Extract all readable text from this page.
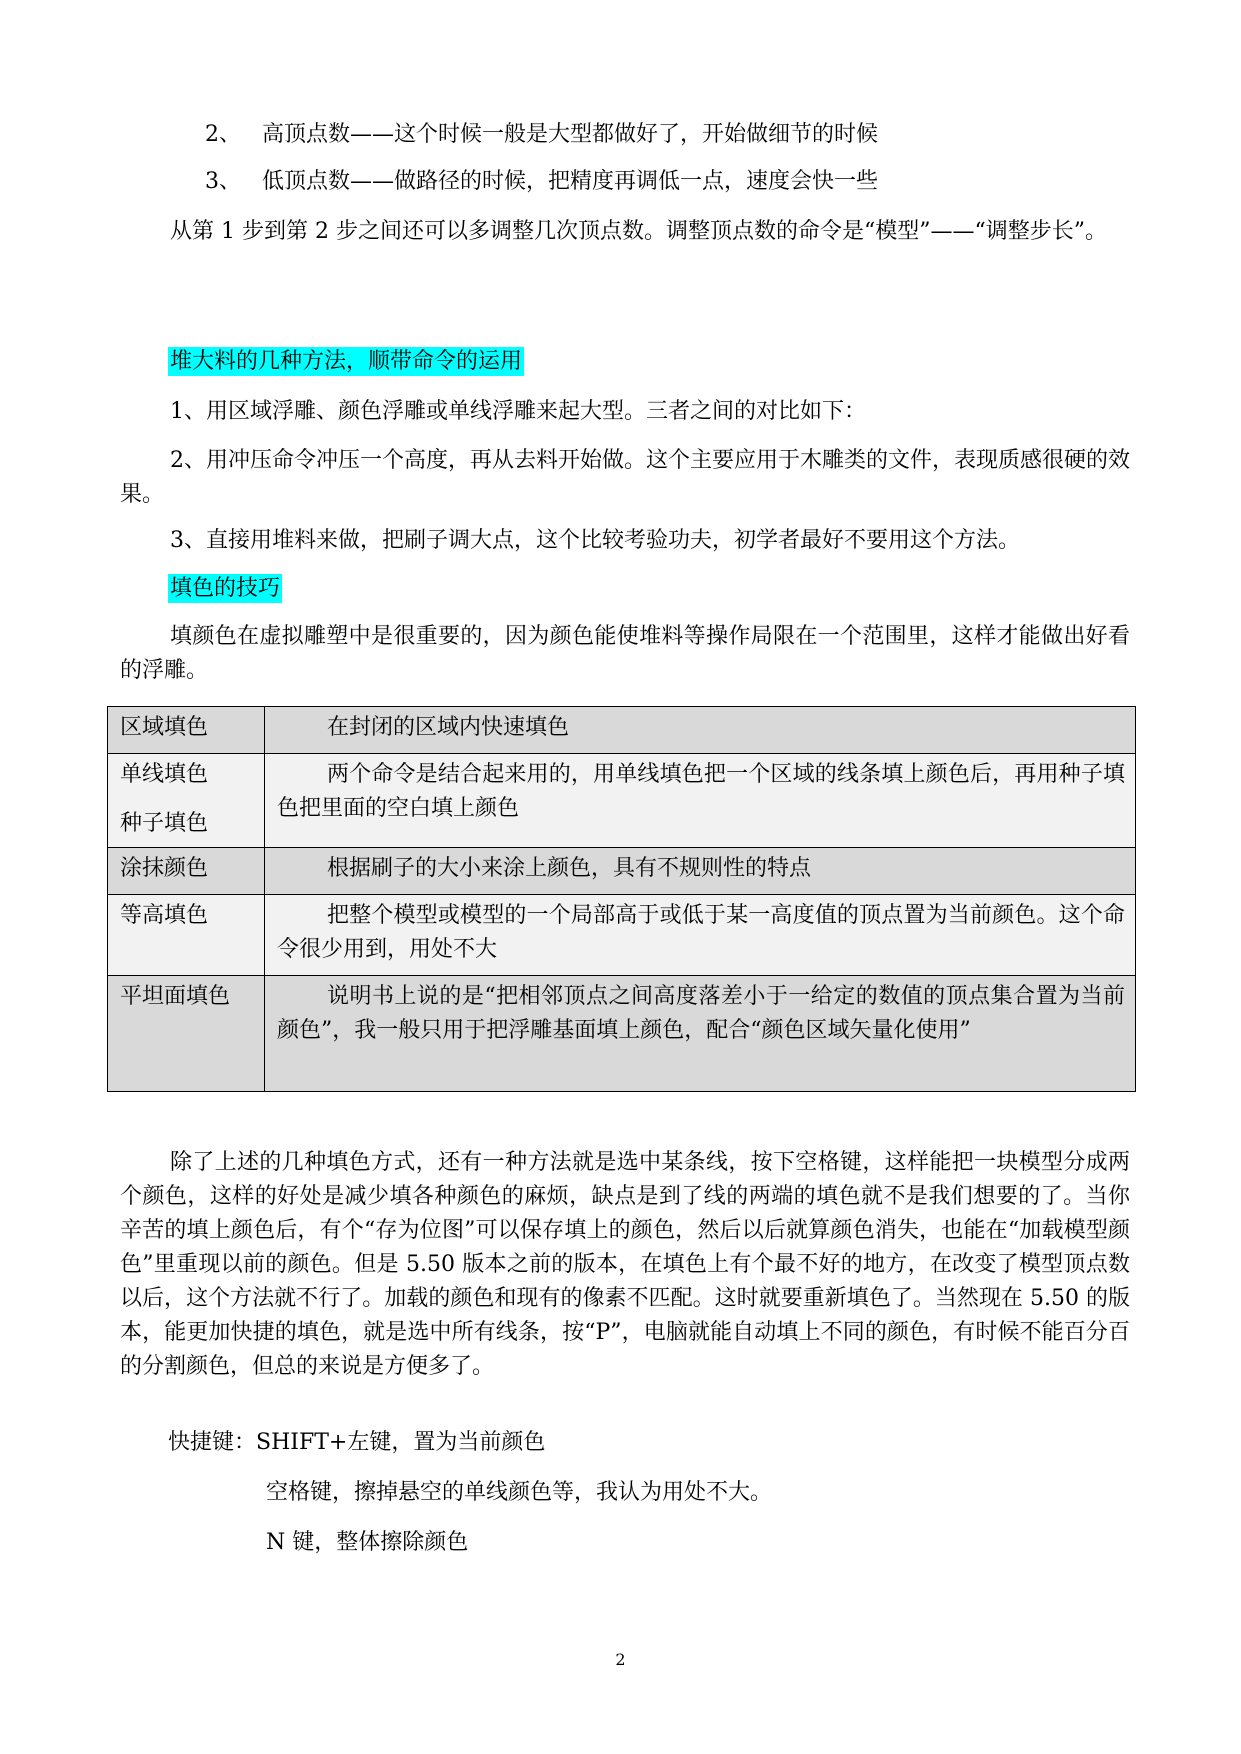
2、 高顶点数——这个时候一般是大型都做好了，开始做细节的时候
3、 低顶点数——做路径的时候，把精度再调低一点，速度会快一些

从第 1 步到第 2 步之间还可以多调整几次顶点数。调整顶点数的命令是“模型”——“调整步长”。

堆大料的几种方法，顺带命令的运用

1、用区域浮雕、颜色浮雕或单线浮雕来起大型。三者之间的对比如下：

2、用冲压命令冲压一个高度，再从去料开始做。这个主要应用于木雕类的文件，表现质感很硬的效果。

3、直接用堆料来做，把刷子调大点，这个比较考验功夫，初学者最好不要用这个方法。

填色的技巧

填颜色在虚拟雕塑中是很重要的，因为颜色能使堆料等操作局限在一个范围里，这样才能做出好看的浮雕。

区域填色	在封闭的区域内快速填色

单线填色
种子填色	两个命令是结合起来用的，用单线填色把一个区域的线条填上颜色后，再用种子填色把里面的空白填上颜色
涂抹颜色	根据刷子的大小来涂上颜色，具有不规则性的特点
等高填色	把整个模型或模型的一个局部高于或低于某一高度值的顶点置为当前颜色。这个命令很少用到，用处不大
平坦面填色	说明书上说的是“把相邻顶点之间高度落差小于一给定的数值的顶点集合置为当前颜色”，我一般只用于把浮雕基面填上颜色，配合“颜色区域矢量化使用”

除了上述的几种填色方式，还有一种方法就是选中某条线，按下空格键，这样能把一块模型分成两个颜色，这样的好处是减少填各种颜色的麻烦，缺点是到了线的两端的填色就不是我们想要的了。当你辛苦的填上颜色后，有个“存为位图”可以保存填上的颜色，然后以后就算颜色消失，也能在“加载模型颜色”里重现以前的颜色。但是 5.50 版本之前的版本，在填色上有个最不好的地方，在改变了模型顶点数以后，这个方法就不行了。加载的颜色和现有的像素不匹配。这时就要重新填色了。当然现在 5.50 的版本，能更加快捷的填色，就是选中所有线条，按“P”，电脑就能自动填上不同的颜色，有时候不能百分百的分割颜色，但总的来说是方便多了。

快捷键：SHIFT+左键，置为当前颜色
空格键，擦掉悬空的单线颜色等，我认为用处不大。
N 键，整体擦除颜色
2
